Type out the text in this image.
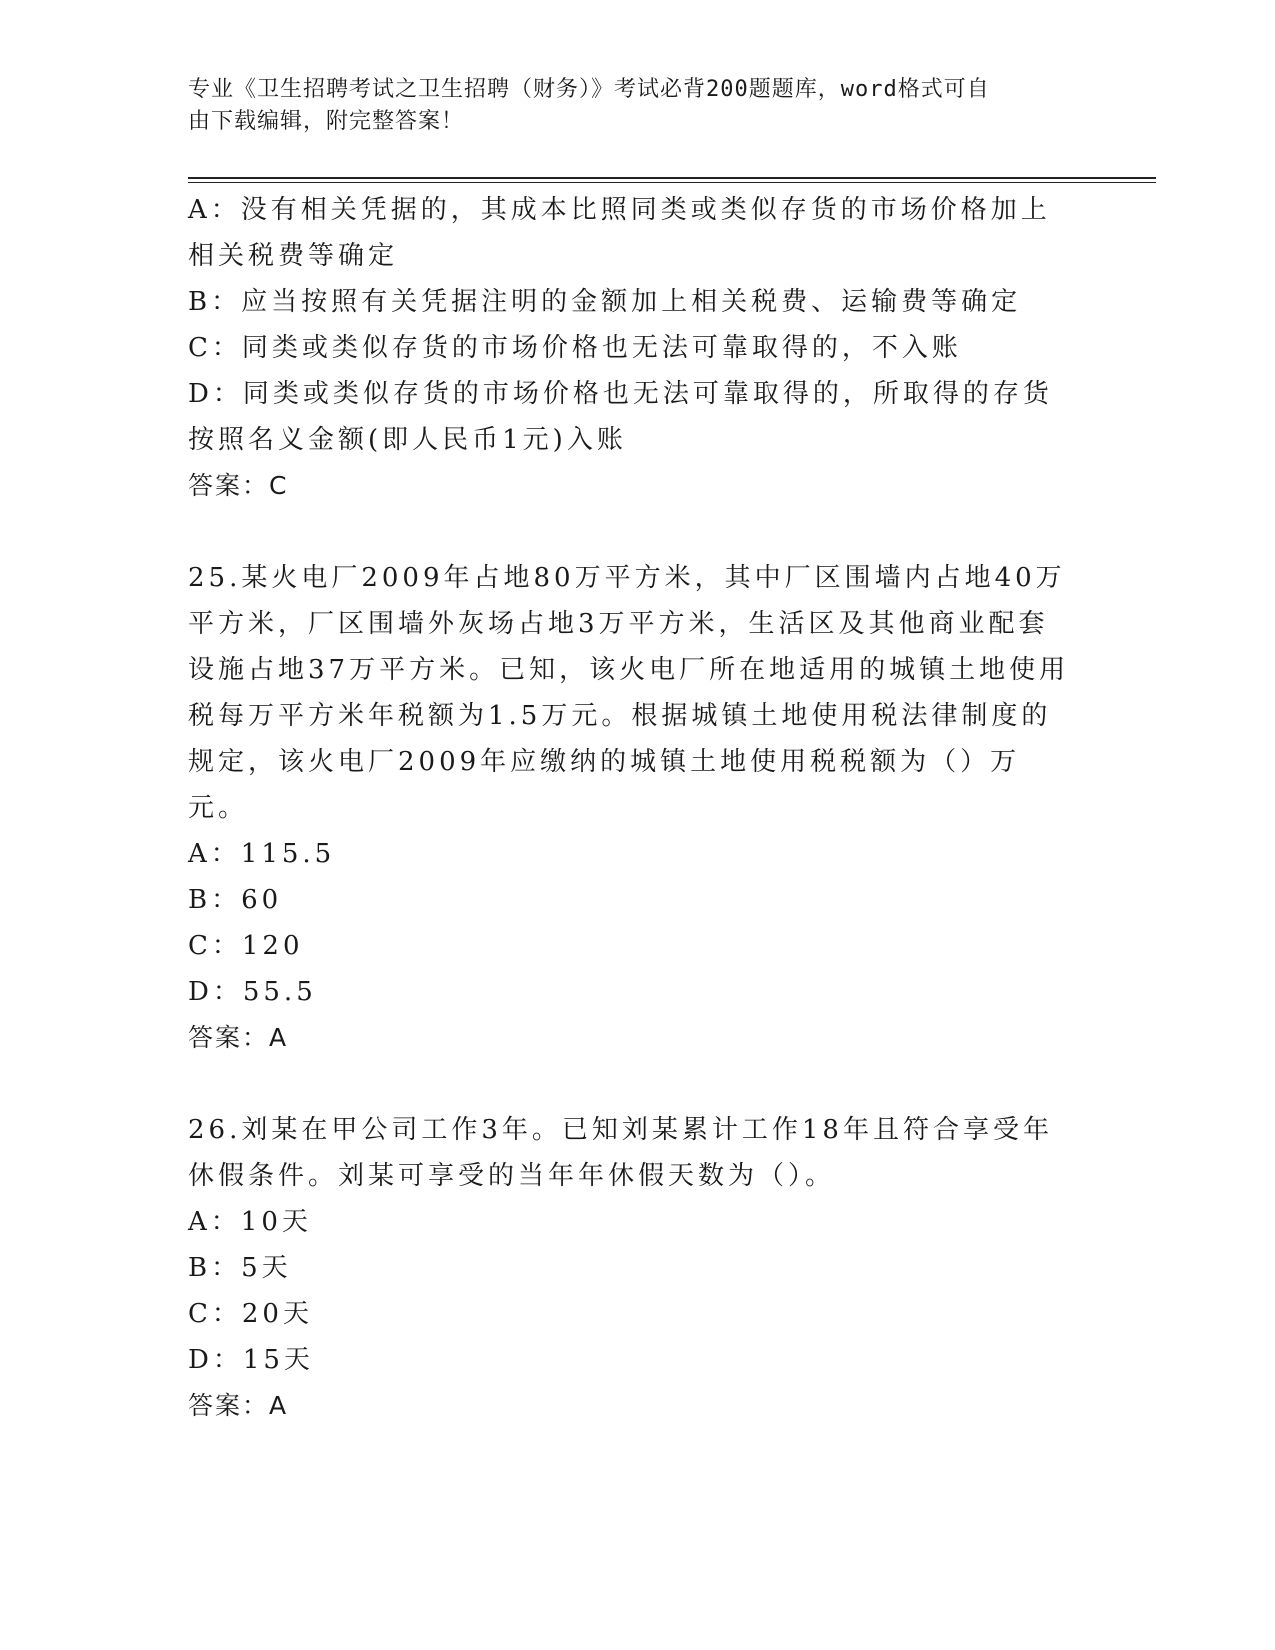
专业《卫生招聘考试之卫生招聘（财务）》考试必背200题题库，word格式可自
由下载编辑，附完整答案！

A：没有相关凭据的，其成本比照同类或类似存货的市场价格加上相关税费等确定

B：应当按照有关凭据注明的金额加上相关税费、运输费等确定

C：同类或类似存货的市场价格也无法可靠取得的，不入账

D：同类或类似存货的市场价格也无法可靠取得的，所取得的存货按照名义金额(即人民币1元)入账

答案：C

25.某火电厂2009年占地80万平方米，其中厂区围墙内占地40万平方米，厂区围墙外灰场占地3万平方米，生活区及其他商业配套设施占地37万平方米。已知，该火电厂所在地适用的城镇土地使用税每万平方米年税额为1.5万元。根据城镇土地使用税法律制度的规定，该火电厂2009年应缴纳的城镇土地使用税税额为（）万元。

A：115.5

B：60

C：120

D：55.5

答案：A

26.刘某在甲公司工作3年。已知刘某累计工作18年且符合享受年休假条件。刘某可享受的当年年休假天数为（）。

A：10天

B：5天

C：20天

D：15天

答案：A
